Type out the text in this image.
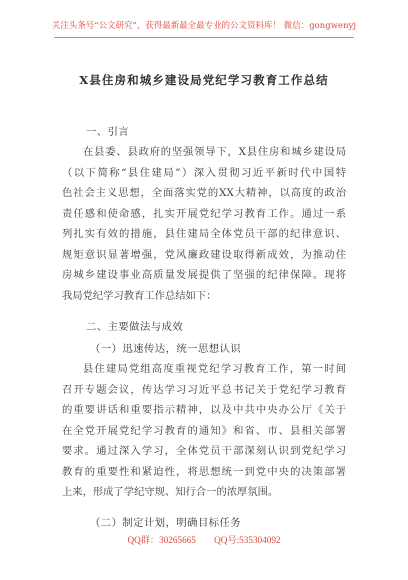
关注头条号“公文研究”，获得最新最全最专业的公文资料库！ 微信：gongwenyj
X县住房和城乡建设局党纪学习教育工作总结
一、引言
在县委、县政府的坚强领导下，X县住房和城乡建设局
（以下简称“县住建局”）深入贯彻习近平新时代中国特
色社会主义思想，全面落实党的XX大精神，以高度的政治
责任感和使命感，扎实开展党纪学习教育工作。通过一系
列扎实有效的措施，县住建局全体党员干部的纪律意识、
规矩意识显著增强，党风廉政建设取得新成效，为推动住
房城乡建设事业高质量发展提供了坚强的纪律保障。现将
我局党纪学习教育工作总结如下：
二、主要做法与成效
（一）迅速传达，统一思想认识
县住建局党组高度重视党纪学习教育工作，第一时间
召开专题会议，传达学习习近平总书记关于党纪学习教育
的重要讲话和重要指示精神，以及中共中央办公厅《关于
在全党开展党纪学习教育的通知》和省、市、县相关部署
要求。通过深入学习，全体党员干部深刻认识到党纪学习
教育的重要性和紧迫性，将思想统一到党中央的决策部署
上来，形成了学纪守规、知行合一的浓厚氛围。
（二）制定计划，明确目标任务
QQ群：30265665 QQ号:535304092
